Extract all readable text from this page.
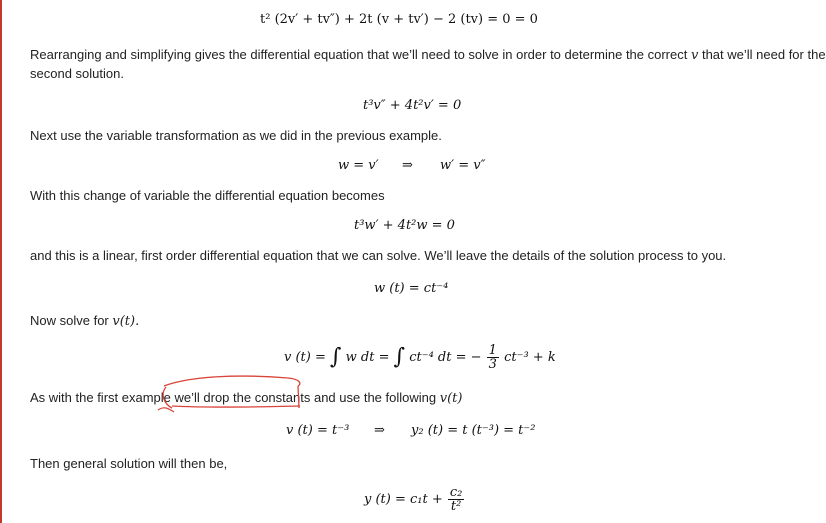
t² (2v′ + tv″) + 2t (v + tv′) − 2 (tv) = 0 = 0
Rearranging and simplifying gives the differential equation that we’ll need to solve in order to determine the correct v that we’ll need for the
second solution.
t³v″ + 4t²v′ = 0
Next use the variable transformation as we did in the previous example.
w = v′ ⇒ w′ = v″
With this change of variable the differential equation becomes
t³w′ + 4t²w = 0
and this is a linear, first order differential equation that we can solve. We’ll leave the details of the solution process to you.
w (t) = ct⁻⁴
Now solve for v(t).
v (t) = ∫ w dt = ∫ ct⁻⁴ dt = − $\frac{1}{3} ct^{-3} + k$
As with the first example we’ll drop the constants and use the following v(t)
v (t) = t⁻³ ⇒ y₂ (t) = t (t⁻³) = t⁻²
Then general solution will then be,
y $(t) = c_1t + \frac{\text{c₂}}{\text{t²}}$
